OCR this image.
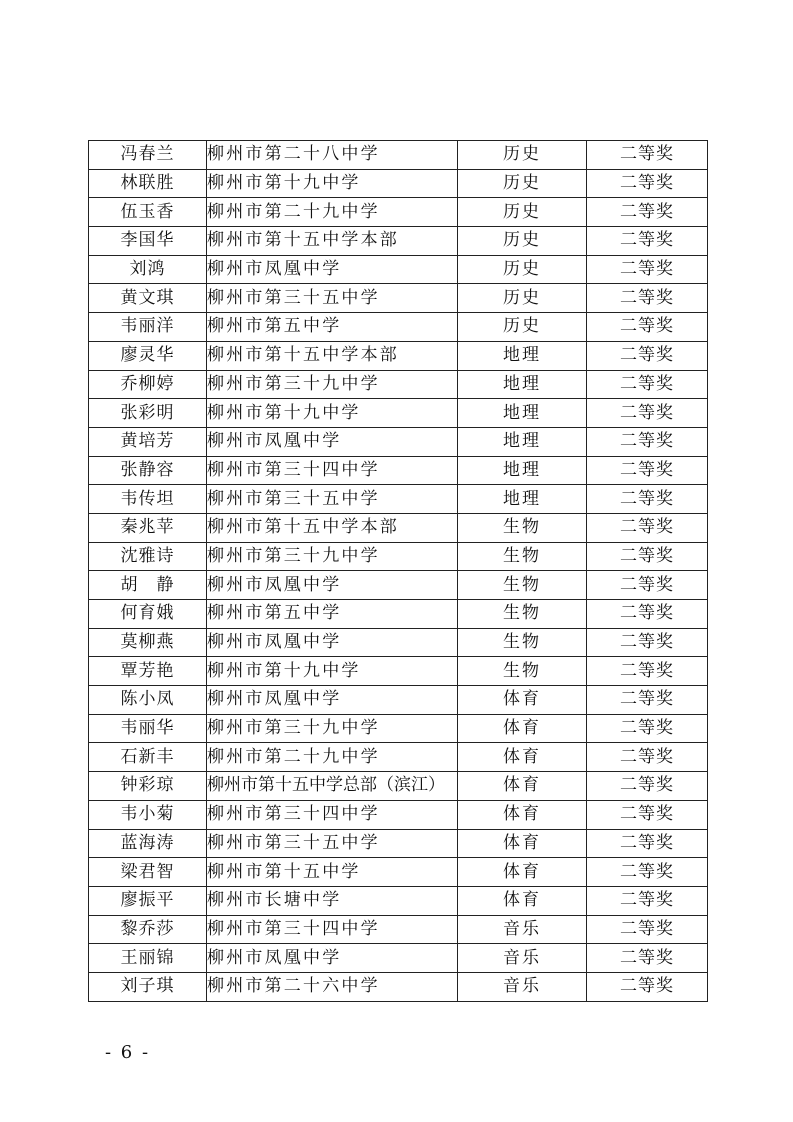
冯春兰	柳州市第二十八中学	历史	二等奖
林联胜	柳州市第十九中学	历史	二等奖
伍玉香	柳州市第二十九中学	历史	二等奖
李国华	柳州市第十五中学本部	历史	二等奖
刘鸿	柳州市凤凰中学	历史	二等奖
黄文琪	柳州市第三十五中学	历史	二等奖
韦丽洋	柳州市第五中学	历史	二等奖
廖灵华	柳州市第十五中学本部	地理	二等奖
乔柳婷	柳州市第三十九中学	地理	二等奖
张彩明	柳州市第十九中学	地理	二等奖
黄培芳	柳州市凤凰中学	地理	二等奖
张静容	柳州市第三十四中学	地理	二等奖
韦传坦	柳州市第三十五中学	地理	二等奖
秦兆苹	柳州市第十五中学本部	生物	二等奖
沈雅诗	柳州市第三十九中学	生物	二等奖
胡　静	柳州市凤凰中学	生物	二等奖
何育娥	柳州市第五中学	生物	二等奖
莫柳燕	柳州市凤凰中学	生物	二等奖
覃芳艳	柳州市第十九中学	生物	二等奖
陈小凤	柳州市凤凰中学	体育	二等奖
韦丽华	柳州市第三十九中学	体育	二等奖
石新丰	柳州市第二十九中学	体育	二等奖
钟彩琼	柳州市第十五中学总部（滨江）	体育	二等奖
韦小菊	柳州市第三十四中学	体育	二等奖
蓝海涛	柳州市第三十五中学	体育	二等奖
梁君智	柳州市第十五中学	体育	二等奖
廖振平	柳州市长塘中学	体育	二等奖
黎乔莎	柳州市第三十四中学	音乐	二等奖
王丽锦	柳州市凤凰中学	音乐	二等奖
刘子琪	柳州市第二十六中学	音乐	二等奖
- 6 -
